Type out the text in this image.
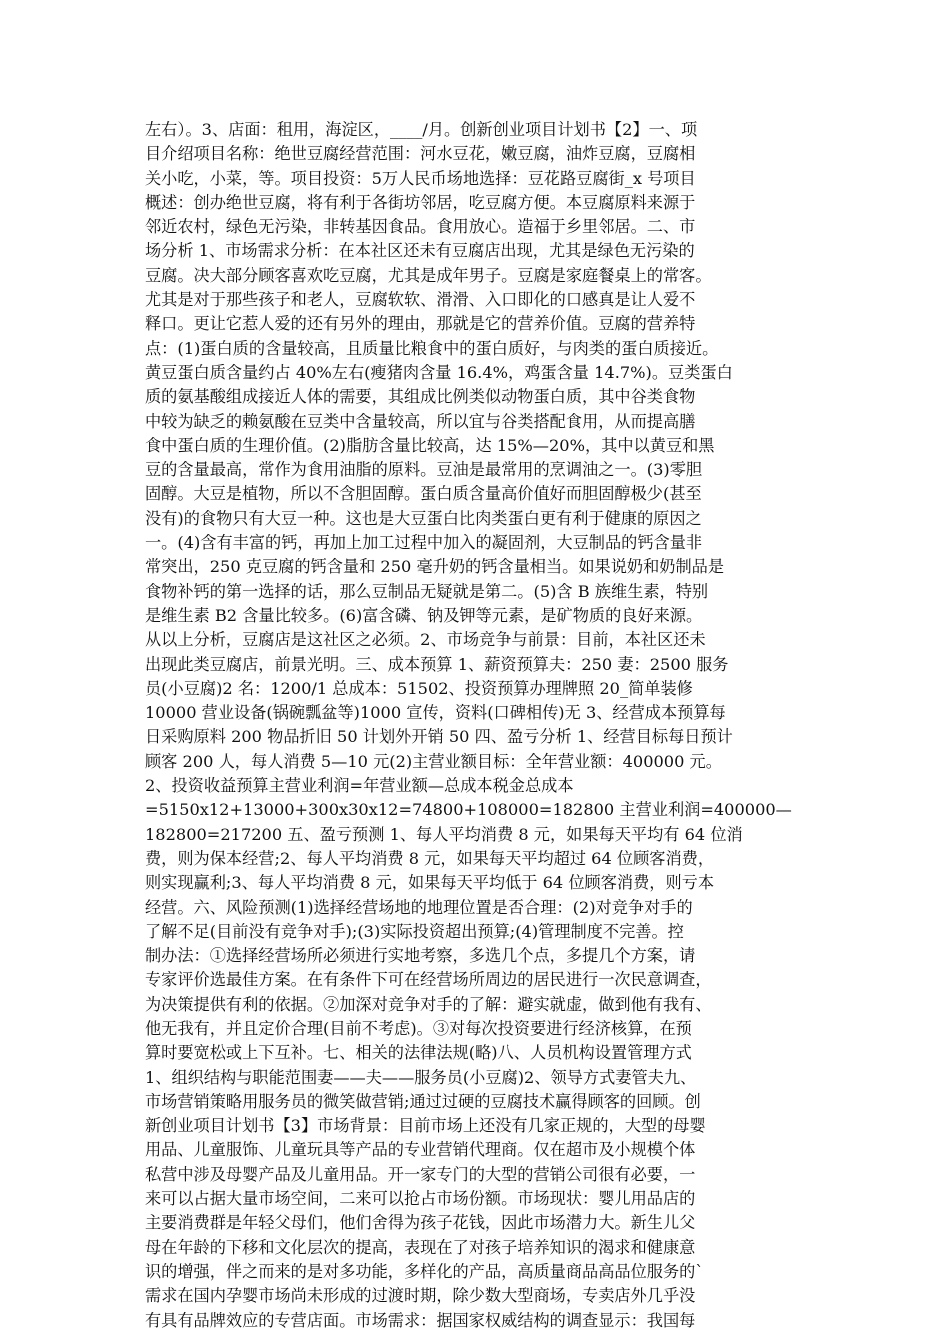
左右）。3、店面：租用，海淀区，____/月。创新创业项目计划书【2】一、项
目介绍项目名称：绝世豆腐经营范围：河水豆花，嫩豆腐，油炸豆腐，豆腐相
关小吃，小菜，等。项目投资：5万人民币场地选择：豆花路豆腐街_x 号项目
概述：创办绝世豆腐，将有利于各街坊邻居，吃豆腐方便。本豆腐原料来源于
邻近农村，绿色无污染，非转基因食品。食用放心。造福于乡里邻居。二、市
场分析 1、市场需求分析：在本社区还未有豆腐店出现，尤其是绿色无污染的
豆腐。决大部分顾客喜欢吃豆腐，尤其是成年男子。豆腐是家庭餐桌上的常客。
尤其是对于那些孩子和老人，豆腐软软、滑滑、入口即化的口感真是让人爱不
释口。更让它惹人爱的还有另外的理由，那就是它的营养价值。豆腐的营养特
点：(1)蛋白质的含量较高，且质量比粮食中的蛋白质好，与肉类的蛋白质接近。
黄豆蛋白质含量约占 40%左右(瘦猪肉含量 16.4%，鸡蛋含量 14.7%)。豆类蛋白
质的氨基酸组成接近人体的需要，其组成比例类似动物蛋白质，其中谷类食物
中较为缺乏的赖氨酸在豆类中含量较高，所以宜与谷类搭配食用，从而提高膳
食中蛋白质的生理价值。(2)脂肪含量比较高，达 15%—20%，其中以黄豆和黑
豆的含量最高，常作为食用油脂的原料。豆油是最常用的烹调油之一。(3)零胆
固醇。大豆是植物，所以不含胆固醇。蛋白质含量高价值好而胆固醇极少(甚至
没有)的食物只有大豆一种。这也是大豆蛋白比肉类蛋白更有利于健康的原因之
一。(4)含有丰富的钙，再加上加工过程中加入的凝固剂，大豆制品的钙含量非
常突出，250 克豆腐的钙含量和 250 毫升奶的钙含量相当。如果说奶和奶制品是
食物补钙的第一选择的话，那么豆制品无疑就是第二。(5)含 B 族维生素，特别
是维生素 B2 含量比较多。(6)富含磷、钠及钾等元素，是矿物质的良好来源。
从以上分析，豆腐店是这社区之必须。2、市场竞争与前景：目前，本社区还未
出现此类豆腐店，前景光明。三、成本预算 1、薪资预算夫：250 妻：2500 服务
员(小豆腐)2 名：1200/1 总成本：51502、投资预算办理牌照 20_简单装修
10000 营业设备(锅碗瓢盆等)1000 宣传，资料(口碑相传)无 3、经营成本预算每
日采购原料 200 物品折旧 50 计划外开销 50 四、盈亏分析 1、经营目标每日预计
顾客 200 人，每人消费 5—10 元(2)主营业额目标：全年营业额：400000 元。
2、投资收益预算主营业利润=年营业额—总成本税金总成本
=5150x12+13000+300x30x12=74800+108000=182800 主营业利润=400000—
182800=217200 五、盈亏预测 1、每人平均消费 8 元，如果每天平均有 64 位消
费，则为保本经营;2、每人平均消费 8 元，如果每天平均超过 64 位顾客消费，
则实现赢利;3、每人平均消费 8 元，如果每天平均低于 64 位顾客消费，则亏本
经营。六、风险预测(1)选择经营场地的地理位置是否合理：(2)对竞争对手的
了解不足(目前没有竞争对手);(3)实际投资超出预算;(4)管理制度不完善。控
制办法：①选择经营场所必须进行实地考察，多选几个点，多提几个方案，请
专家评价选最佳方案。在有条件下可在经营场所周边的居民进行一次民意调查，
为决策提供有利的依据。②加深对竞争对手的了解：避实就虚，做到他有我有、
他无我有，并且定价合理(目前不考虑)。③对每次投资要进行经济核算，在预
算时要宽松或上下互补。七、相关的法律法规(略)八、人员机构设置管理方式
1、组织结构与职能范围妻——夫——服务员(小豆腐)2、领导方式妻管夫九、
市场营销策略用服务员的微笑做营销;通过过硬的豆腐技术赢得顾客的回顾。创
新创业项目计划书【3】市场背景：目前市场上还没有几家正规的，大型的母婴
用品、儿童服饰、儿童玩具等产品的专业营销代理商。仅在超市及小规模个体
私营中涉及母婴产品及儿童用品。开一家专门的大型的营销公司很有必要，一
来可以占据大量市场空间，二来可以抢占市场份额。市场现状：婴儿用品店的
主要消费群是年轻父母们，他们舍得为孩子花钱，因此市场潜力大。新生儿父
母在年龄的下移和文化层次的提高，表现在了对孩子培养知识的渴求和健康意
识的增强，伴之而来的是对多功能，多样化的产品，高质量商品高品位服务的`
需求在国内孕婴市场尚未形成的过渡时期，除少数大型商场，专卖店外几乎没
有具有品牌效应的专营店面。市场需求：据国家权威结构的调查显示：我国每
